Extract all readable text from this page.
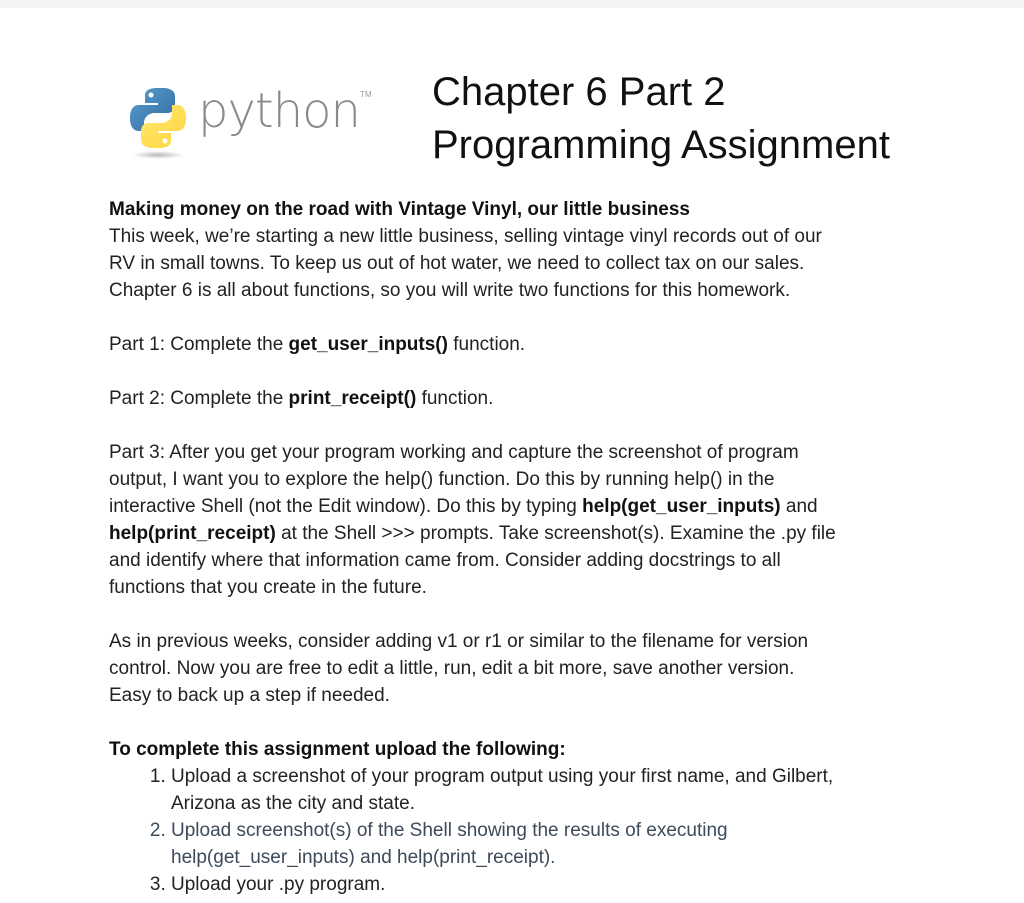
python TM Chapter 6 Part 2
Programming Assignment

Making money on the road with Vintage Vinyl, our little business

This week, we’re starting a new little business, selling vintage vinyl records out of our

RV in small towns. To keep us out of hot water, we need to collect tax on our sales.

Chapter 6 is all about functions, so you will write two functions for this homework.

Part 1: Complete the get_user_inputs() function.

Part 2: Complete the print_receipt() function.

Part 3: After you get your program working and capture the screenshot of program

output, I want you to explore the help() function. Do this by running help() in the

interactive Shell (not the Edit window). Do this by typing help(get_user_inputs) and

help(print_receipt) at the Shell >>> prompts. Take screenshot(s). Examine the .py file

and identify where that information came from. Consider adding docstrings to all

functions that you create in the future.

As in previous weeks, consider adding v1 or r1 or similar to the filename for version

control. Now you are free to edit a little, run, edit a bit more, save another version.

Easy to back up a step if needed.

To complete this assignment upload the following:

1. Upload a screenshot of your program output using your first name, and Gilbert,
Arizona as the city and state.
2. Upload screenshot(s) of the Shell showing the results of executing
help(get_user_inputs) and help(print_receipt).
3. Upload your .py program.
